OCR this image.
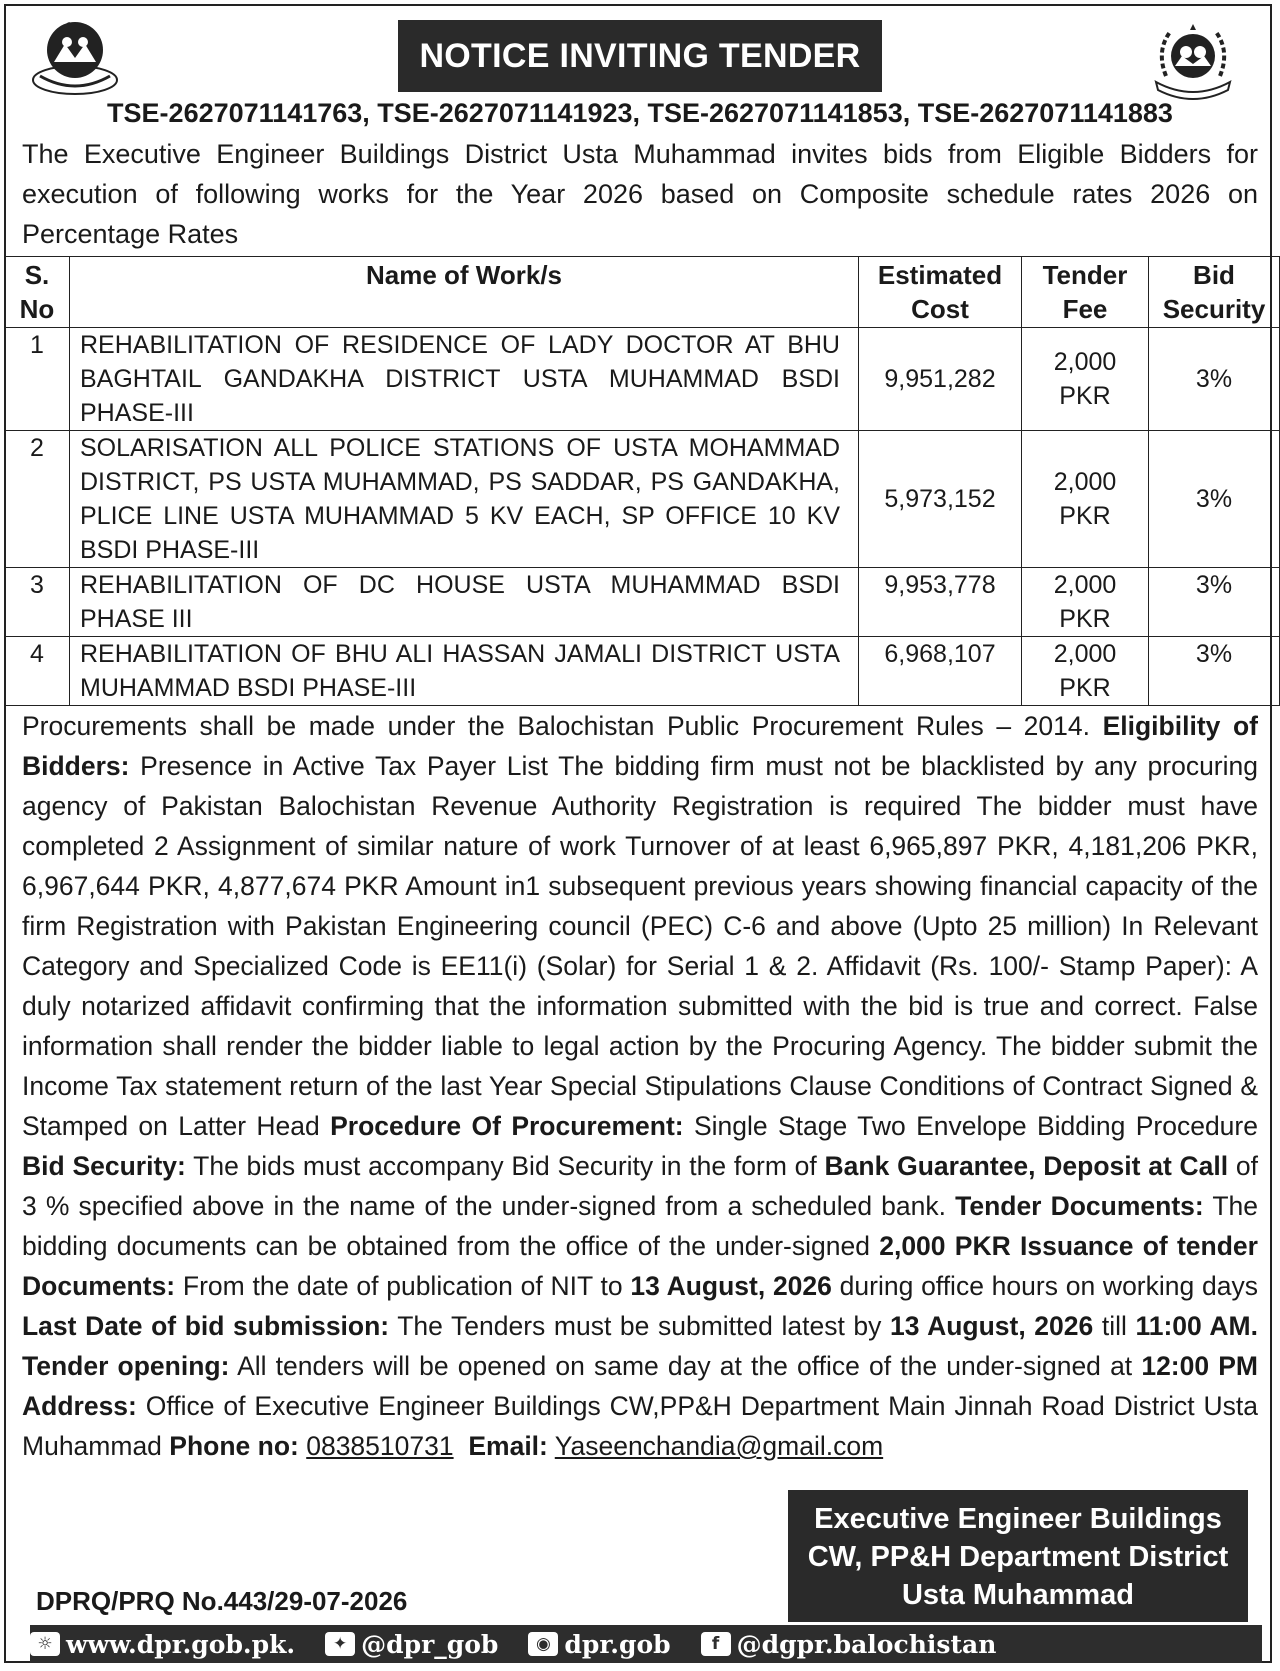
NOTICE INVITING TENDER
TSE-2627071141763, TSE-2627071141923, TSE-2627071141853, TSE-2627071141883
The Executive Engineer Buildings District Usta Muhammad invites bids from Eligible Bidders for execution of following works for the Year 2026 based on Composite schedule rates 2026 on Percentage Rates
S. No	Name of Work/s	Estimated Cost	Tender Fee	Bid Security
1	REHABILITATION OF RESIDENCE OF LADY DOCTOR AT BHU BAGHTAIL GANDAKHA DISTRICT USTA MUHAMMAD BSDI PHASE-III	9,951,282	2,000 PKR	3%
2	SOLARISATION ALL POLICE STATIONS OF USTA MOHAMMAD DISTRICT, PS USTA MUHAMMAD, PS SADDAR, PS GANDAKHA, PLICE LINE USTA MUHAMMAD 5 KV EACH, SP OFFICE 10 KV BSDI PHASE-III	5,973,152	2,000 PKR	3%
3	REHABILITATION OF DC HOUSE USTA MUHAMMAD BSDI PHASE III	9,953,778	2,000 PKR	3%
4	REHABILITATION OF BHU ALI HASSAN JAMALI DISTRICT USTA MUHAMMAD BSDI PHASE-III	6,968,107	2,000 PKR	3%
Procurements shall be made under the Balochistan Public Procurement Rules – 2014. Eligibility of Bidders: Presence in Active Tax Payer List The bidding firm must not be blacklisted by any procuring agency of Pakistan Balochistan Revenue Authority Registration is required The bidder must have completed 2 Assignment of similar nature of work Turnover of at least 6,965,897 PKR, 4,181,206 PKR, 6,967,644 PKR, 4,877,674 PKR Amount in1 subsequent previous years showing financial capacity of the firm Registration with Pakistan Engineering council (PEC) C-6 and above (Upto 25 million) In Relevant Category and Specialized Code is EE11(i) (Solar) for Serial 1 & 2. Affidavit (Rs. 100/- Stamp Paper): A duly notarized affidavit confirming that the information submitted with the bid is true and correct. False information shall render the bidder liable to legal action by the Procuring Agency. The bidder submit the Income Tax statement return of the last Year Special Stipulations Clause Conditions of Contract Signed & Stamped on Latter Head Procedure Of Procurement: Single Stage Two Envelope Bidding Procedure Bid Security: The bids must accompany Bid Security in the form of Bank Guarantee, Deposit at Call of 3 % specified above in the name of the under-signed from a scheduled bank. Tender Documents: The bidding documents can be obtained from the office of the under-signed 2,000 PKR Issuance of tender Documents: From the date of publication of NIT to 13 August, 2026 during office hours on working days Last Date of bid submission: The Tenders must be submitted latest by 13 August, 2026 till 11:00 AM. Tender opening: All tenders will be opened on same day at the office of the under-signed at 12:00 PM Address: Office of Executive Engineer Buildings CW,PP&H Department Main Jinnah Road District Usta Muhammad Phone no: 0838510731 Email: Yaseenchandia@gmail.com
Executive Engineer Buildings
CW, PP&H Department District
Usta Muhammad
DPRQ/PRQ No.443/29-07-2026
☼ www.dpr.gob.pk.	✦ @dpr_gob	◉ dpr.gob	f @dgpr.balochistan
